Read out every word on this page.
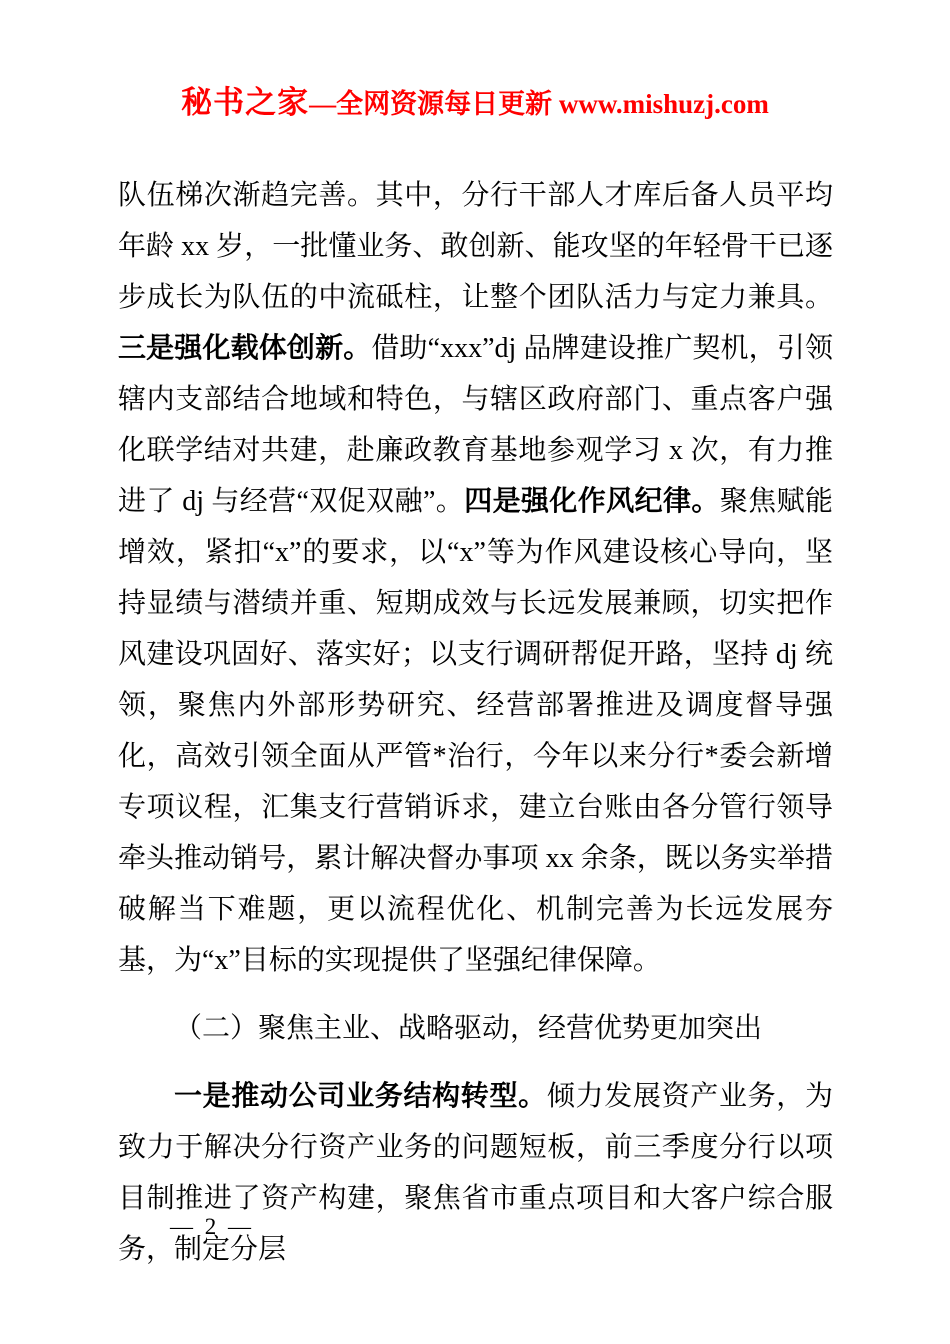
秘书之家—全网资源每日更新 www.mishuzj.com

队伍梯次渐趋完善。其中，分行干部人才库后备人员平均年龄 xx 岁，一批懂业务、敢创新、能攻坚的年轻骨干已逐步成长为队伍的中流砥柱，让整个团队活力与定力兼具。三是强化载体创新。借助“xxx”dj 品牌建设推广契机，引领辖内支部结合地域和特色，与辖区政府部门、重点客户强化联学结对共建，赴廉政教育基地参观学习 x 次，有力推进了 dj 与经营“双促双融”。四是强化作风纪律。聚焦赋能增效，紧扣“x”的要求，以“x”等为作风建设核心导向，坚持显绩与潜绩并重、短期成效与长远发展兼顾，切实把作风建设巩固好、落实好；以支行调研帮促开路，坚持 dj 统领，聚焦内外部形势研究、经营部署推进及调度督导强化，高效引领全面从严管*治行，今年以来分行*委会新增专项议程，汇集支行营销诉求，建立台账由各分管行领导牵头推动销号，累计解决督办事项 xx 余条，既以务实举措破解当下难题，更以流程优化、机制完善为长远发展夯基，为“x”目标的实现提供了坚强纪律保障。

（二）聚焦主业、战略驱动，经营优势更加突出

一是推动公司业务结构转型。倾力发展资产业务，为致力于解决分行资产业务的问题短板，前三季度分行以项目制推进了资产构建，聚焦省市重点项目和大客户综合服务，制定分层

— 2 —
